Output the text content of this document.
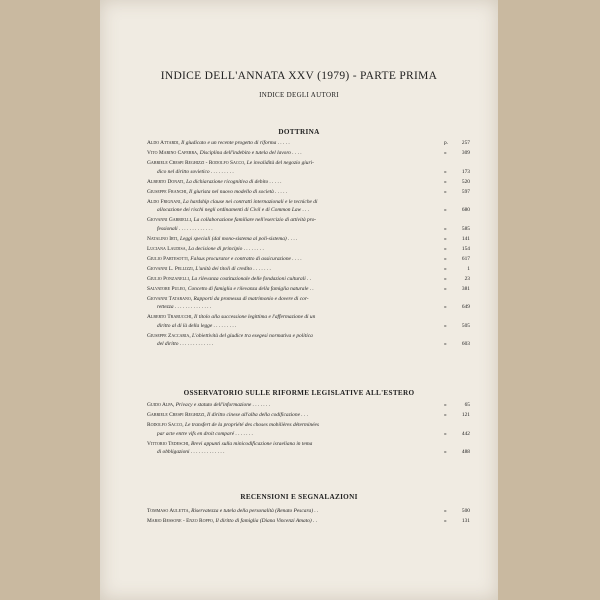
INDICE DELL'ANNATA XXV (1979) - PARTE PRIMA
INDICE DEGLI AUTORI
DOTTRINA
Aldo Attardi, Il giudicato e un recente progetto di riforma . . . . .	p.	257
Vito Marino Caferra, Disciplina dell'indebito e tutela del lavoro . . . .	»	309
Gabriele Crespi Reghizzi - Rodolfo Sacco, Le invalidità del negozio giuri-
dico nel diritto sovietico . . . . . . . . .	»	173
Alberto Donati, La dichiarazione ricognitiva di debito . . . . .	»	520
Giuseppe Franchi, Il giurista nel nuovo modello di società . . . . .	»	597
Aldo Frignani, La hardship clause nei contratti internazionali e le tecniche di
allocazione dei rischi negli ordinamenti di Civil e di Common Law . . .	»	680
Giovanni Gabrielli, La collaborazione familiare nell'esercizio di attività pro-
fessionali . . . . . . . . . . . . .	»	585
Natalino Irti, Leggi speciali (dal mono-sistema al poli-sistema) . . . .	»	141
Luciana Laudisa, La decisione di principio . . . . . . . .	»	154
Giulio Partesotti, Falsus procurator e contratto di assicurazione . . . .	»	617
Giovanni L. Pellizzi, L'unità dei titoli di credito . . . . . . .	»	1
Giulio Ponzanelli, La rilevanza costituzionale delle fondazioni culturali . .	»	23
Salvatore Puleo, Concetto di famiglia e rilevanza della famiglia naturale . .	»	381
Giovanni Tatarano, Rapporti da promessa di matrimonio e dovere di cor-
rettezza . . . . . . . . . . . . . .	»	649
Alberto Trabucchi, Il titolo alla successione legittima e l'affermazione di un
diritto al di là della legge . . . . . . . . .	»	505
Giuseppe Zaccaria, L'obiettività del giudice tra esegesi normativa e politica
del diritto . . . . . . . . . . . . .	»	603
OSSERVATORIO SULLE RIFORME LEGISLATIVE ALL'ESTERO
Guido Alpa, Privacy e statuto dell'informazione . . . . . . .	»	65
Gabriele Crespi Reghizzi, Il diritto cinese all'alba della codificazione . . .	»	121
Rodolfo Sacco, Le transfert de la propriété des choses mobilières déterminées
par acte entre vifs en droit comparé . . . . . . .	»	442
Vittorio Tedeschi, Brevi appunti sulla minicodificazione israeliana in tema
di obbligazioni . . . . . . . . . . . . .	»	488
RECENSIONI E SEGNALAZIONI
Tommaso Auletta, Riservatezza e tutela della personalità (Renato Pescara) . .	»	500
Mario Bessone - Enzo Roppo, Il diritto di famiglia (Diana Vincenzi Amato) . .	»	131
